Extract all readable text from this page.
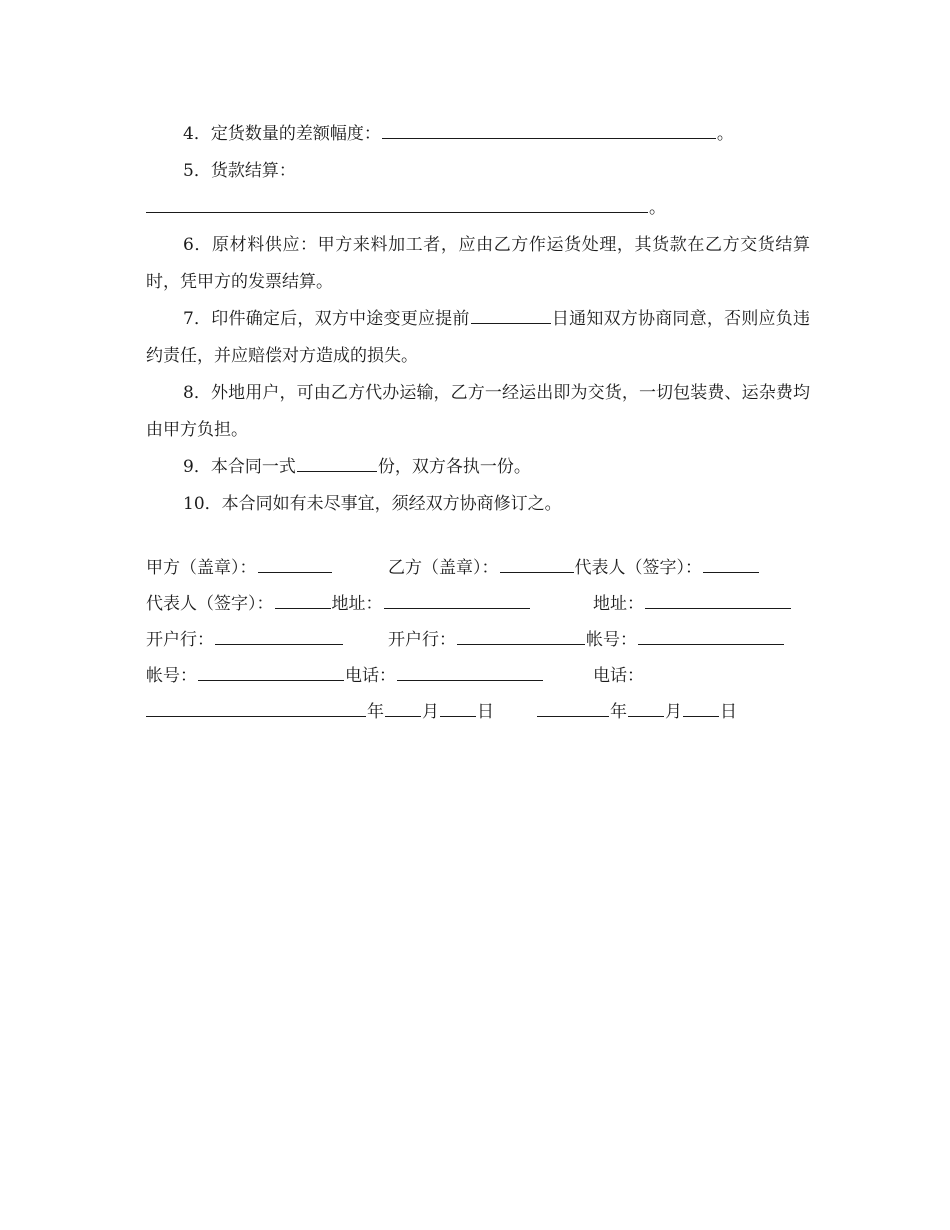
4．定货数量的差额幅度：	。

5．货款结算：

。

6．原材料供应：甲方来料加工者，应由乙方作运货处理，其货款在乙方交货结算时，凭甲方的发票结算。

7．印件确定后，双方中途变更应提前	日通知双方协商同意，否则应负违约责任，并应赔偿对方造成的损失。

8．外地用户，可由乙方代办运输，乙方一经运出即为交货，一切包装费、运杂费均由甲方负担。

9．本合同一式	份，双方各执一份。

10．本合同如有未尽事宜，须经双方协商修订之。

甲方（盖章）：	乙方（盖章）：	代表人（签字）：
代表人（签字）：	地址：	地址：
开户行：	开户行：	帐号：
帐号：	电话：	电话：
年 月 日	年 月 日
